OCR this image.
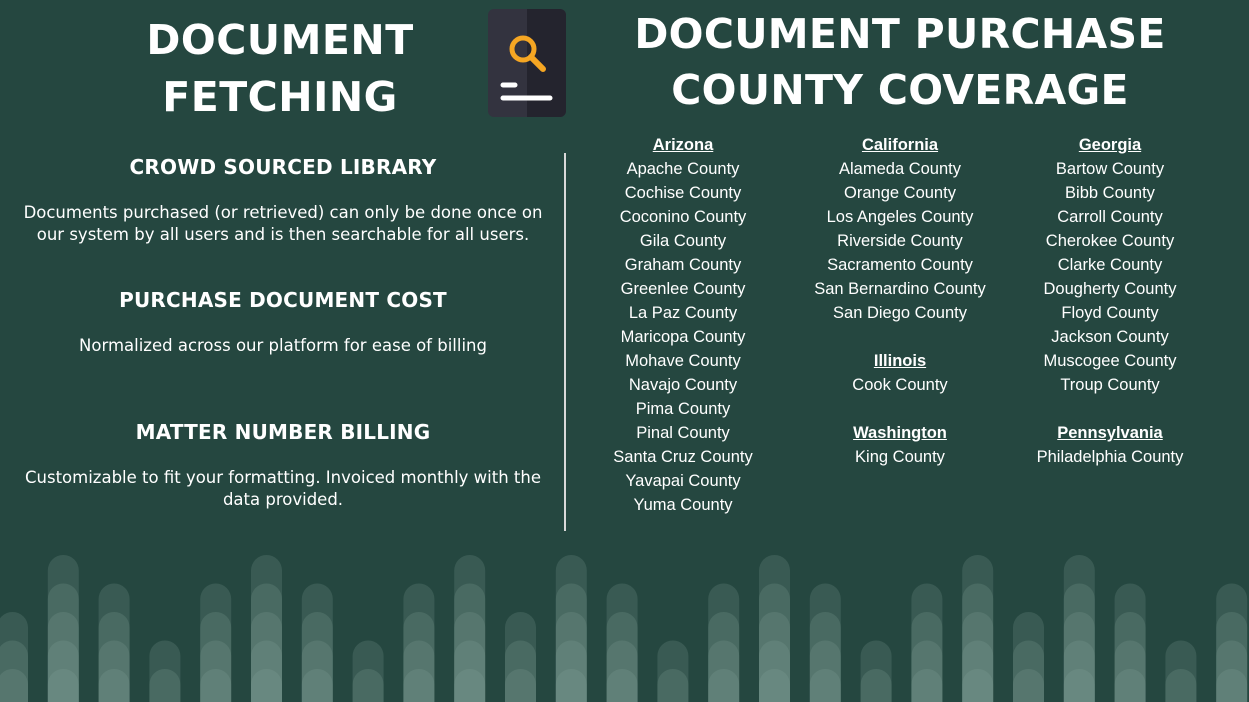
DOCUMENT
FETCHING
DOCUMENT PURCHASE
COUNTY COVERAGE
CROWD SOURCED LIBRARY
Documents purchased (or retrieved) can only be done once on our system by all users and is then searchable for all users.
PURCHASE DOCUMENT COST
Normalized across our platform for ease of billing
MATTER NUMBER BILLING
Customizable to fit your formatting. Invoiced monthly with the data provided.
Arizona
Apache County
Cochise County
Coconino County
Gila County
Graham County
Greenlee County
La Paz County
Maricopa County
Mohave County
Navajo County
Pima County
Pinal County
Santa Cruz County
Yavapai County
Yuma County
California
Alameda County
Orange County
Los Angeles County
Riverside County
Sacramento County
San Bernardino County
San Diego County
Illinois
Cook County
Washington
King County
Georgia
Bartow County
Bibb County
Carroll County
Cherokee County
Clarke County
Dougherty County
Floyd County
Jackson County
Muscogee County
Troup County
Pennsylvania
Philadelphia County
